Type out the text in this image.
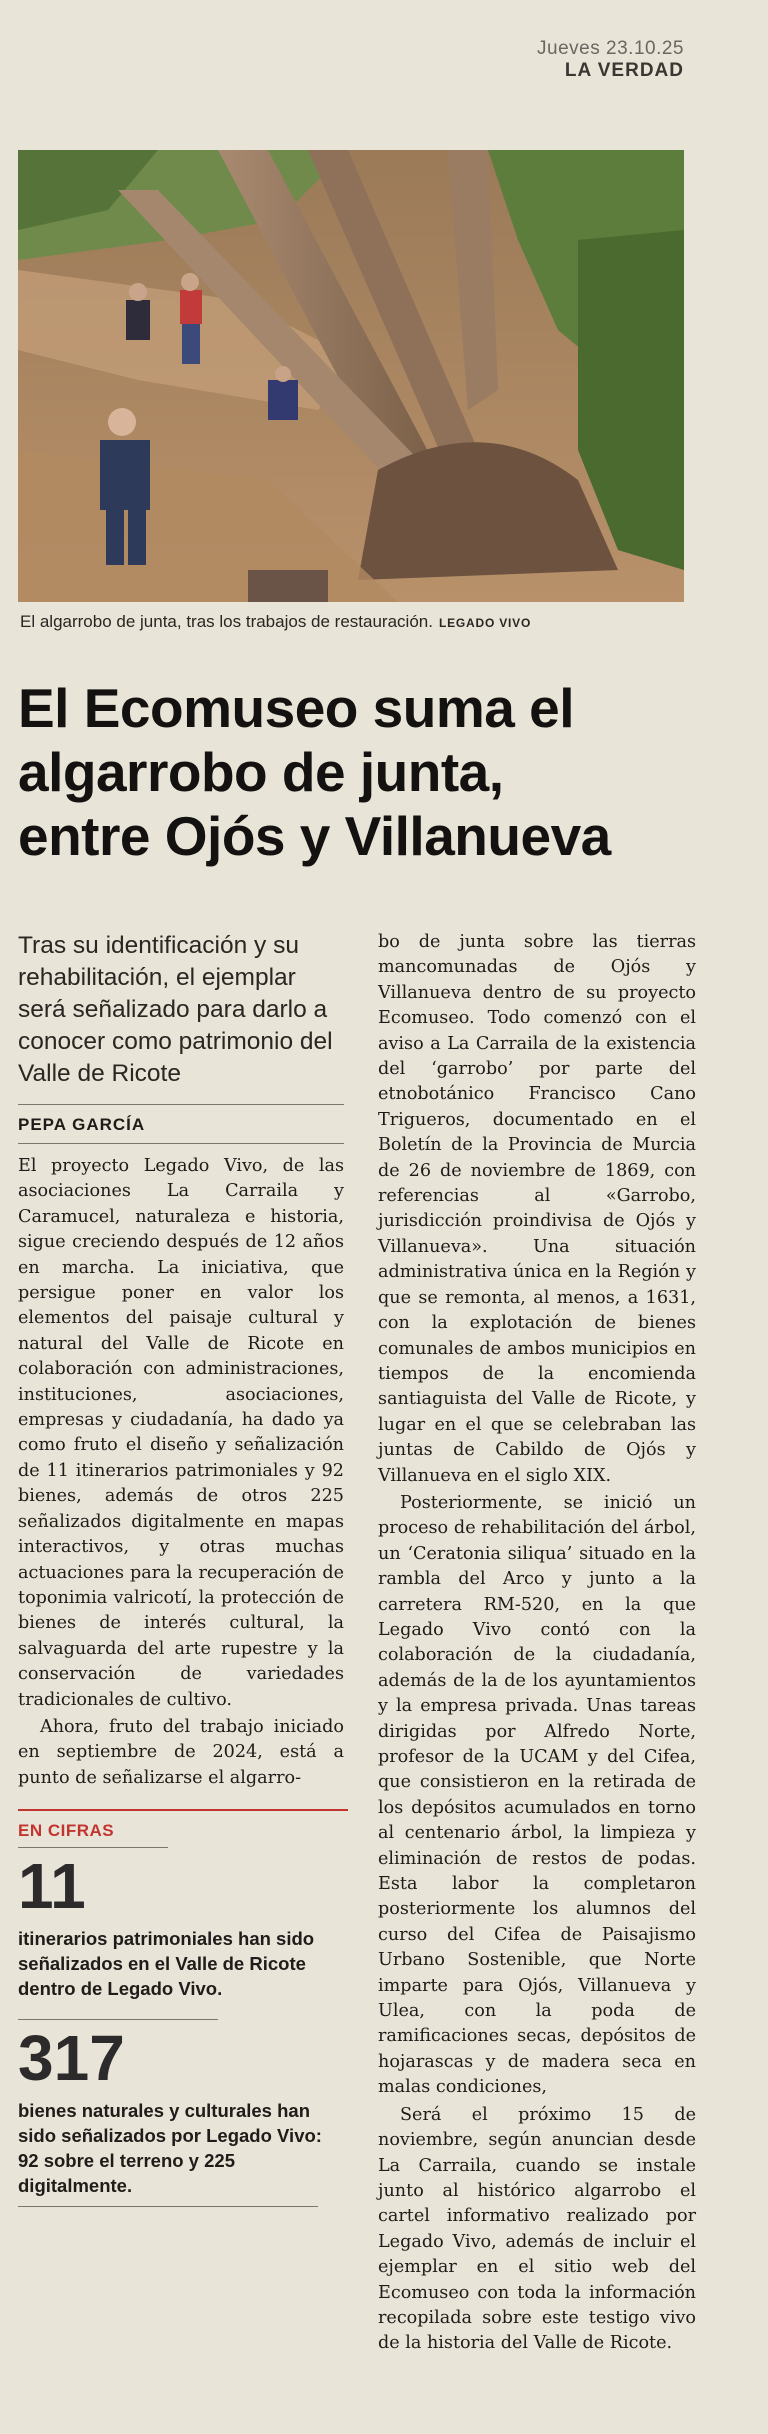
Jueves 23.10.25
LA VERDAD
El algarrobo de junta, tras los trabajos de restauración. LEGADO VIVO
El Ecomuseo suma el
algarrobo de junta,
entre Ojós y Villanueva

Tras su identificación y su rehabilitación, el ejemplar será señalizado para darlo a conocer como patrimonio del Valle de Ricote

PEPA GARCÍA

El proyecto Legado Vivo, de las asociaciones La Carraila y Caramucel, naturaleza e historia, sigue creciendo después de 12 años en marcha. La iniciativa, que persigue poner en valor los elementos del paisaje cultural y natural del Valle de Ricote en colaboración con administraciones, instituciones, asociaciones, empresas y ciudadanía, ha dado ya como fruto el diseño y señalización de 11 itinerarios patrimoniales y 92 bienes, además de otros 225 señalizados digitalmente en mapas interactivos, y otras muchas actuaciones para la recuperación de toponimia valricotí, la protección de bienes de interés cultural, la salvaguarda del arte rupestre y la conservación de variedades tradicionales de cultivo.

Ahora, fruto del trabajo iniciado en septiembre de 2024, está a punto de señalizarse el algarro-

EN CIFRAS
11

itinerarios patrimoniales han sido señalizados en el Valle de Ricote dentro de Legado Vivo.

317

bienes naturales y culturales han sido señalizados por Legado Vivo: 92 sobre el terreno y 225 digitalmente.

bo de junta sobre las tierras mancomunadas de Ojós y Villanueva dentro de su proyecto Ecomuseo. Todo comenzó con el aviso a La Carraila de la existencia del ‘garrobo’ por parte del etnobotánico Francisco Cano Trigueros, documentado en el Boletín de la Provincia de Murcia de 26 de noviembre de 1869, con referencias al «Garrobo, jurisdicción proindivisa de Ojós y Villanueva». Una situación administrativa única en la Región y que se remonta, al menos, a 1631, con la explotación de bienes comunales de ambos municipios en tiempos de la encomienda santiaguista del Valle de Ricote, y lugar en el que se celebraban las juntas de Cabildo de Ojós y Villanueva en el siglo XIX.

Posteriormente, se inició un proceso de rehabilitación del árbol, un ‘Ceratonia siliqua’ situado en la rambla del Arco y junto a la carretera RM-520, en la que Legado Vivo contó con la colaboración de la ciudadanía, además de la de los ayuntamientos y la empresa privada. Unas tareas dirigidas por Alfredo Norte, profesor de la UCAM y del Cifea, que consistieron en la retirada de los depósitos acumulados en torno al centenario árbol, la limpieza y eliminación de restos de podas. Esta labor la completaron posteriormente los alumnos del curso del Cifea de Paisajismo Urbano Sostenible, que Norte imparte para Ojós, Villanueva y Ulea, con la poda de ramificaciones secas, depósitos de hojarascas y de madera seca en malas condiciones,

Será el próximo 15 de noviembre, según anuncian desde La Carraila, cuando se instale junto al histórico algarrobo el cartel informativo realizado por Legado Vivo, además de incluir el ejemplar en el sitio web del Ecomuseo con toda la información recopilada sobre este testigo vivo de la historia del Valle de Ricote.
